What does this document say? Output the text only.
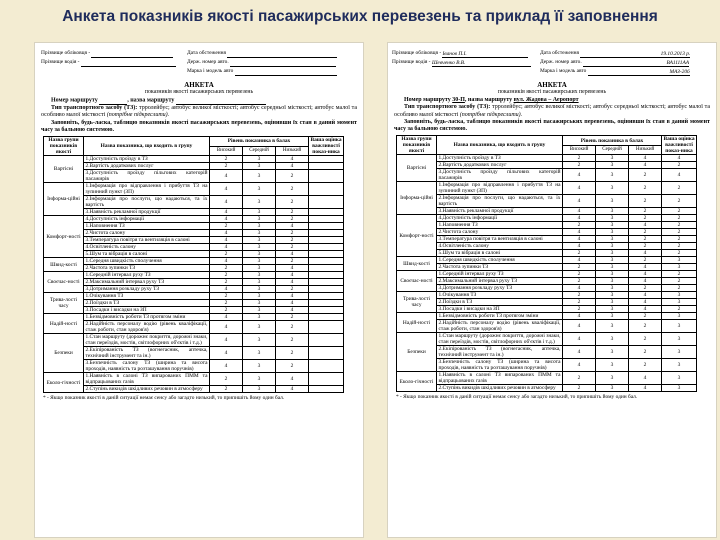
Анкета показників якості пасажирських перевезень та приклад її заповнення
Прізвище обліковця -
Прізвище водія -
Дата обстеження
Держ. номер авто.
Марка і модель авто
АНКЕТА
показників якості пасажирських перевезень

Номер маршруту	, назва маршруту

Тип транспортного засобу (ТЗ): трролейбус; автобус великої місткості; автобус середньої місткості; автобус малої та особливо малої місткості (потрібне підкреслити).

Заповніть, будь-ласка, таблицю показників якості пасажирських перевезень, оцінивши їх стан в даний момент часу за бальною системою.

Назва групи показників якості	Назва показника, що входить в групу	Рівень показника в балах			Ваша оцінка важливості показ-ника
		Високий	Середній	Низький	
Вартісні	1.Доступність проїзду в ТЗ	2	3	4	
	2.Вартість додаткових послуг	2	3	4	
	3.Доступність проїзду пільгових категорій пасажирів	4	3	2	
Інформа-ційні	1.Інформація про відправлення і прибуття ТЗ на зупинний пункт (ЗП)	4	3	2	
	2.Інформація про послуги, що надаються, та їх вартість	4	3	2	
	3.Наявність рекламної продукції	4	3	2	
Комфорт-ності	4.Доступність інформації	4	3	2	
	1.Наповнення ТЗ	2	3	4	
	2.Чистота салону	4	3	2	
	3.Температура повітря та вентиляція в салоні	4	3	2	
	4.Освітленість салону	4	3	2	
	5.Шум та вібрація в салоні	2	3	4	
Швид-кості	1.Середня швидкість сполучення	4	3	2	
	2.Частота зупинки ТЗ	2	3	4	
Своєчас-ності	1.Середній інтервал руху ТЗ	2	3	4	
	2.Максимальний інтервал руху ТЗ	2	3	4	
	3.Дотримання розкладу руху ТЗ	4	3	2	
Трива-лості часу	1.Очікування ТЗ	2	3	4	
	2.Поїздки в ТЗ	2	3	4	
	3.Посадки і висадки на ЗП	2	3	4	
Надій-ності	1.Безвідмовність роботи ТЗ протягом зміни	4	3	2	
	2.Надійність персоналу водію (рівень кваліфікації, стаж роботи, стан здоров'я)	4	3	2	
Безпеки	1.Стан маршруту (дорожнє покриття, дорожні знаки, стан переїздів, мостів, світлофорних об'єктів і т.д.)	4	3	2	
	2.Екіпірованість ТЗ (вогнегасник, аптечка, технічний інструмент та ін.)	4	3	2	
	3.Безпечність салону ТЗ (ширина та висота проходів, наявність та розташування поручнів)	4	3	2	
Еколо-гічності	1.Наявність в салоні ТЗ випарованих ПММ та відпрацьованих газів	2	3	4	
	2.Ступінь викидів шкідливих речовин в атмосферу	2	3	4	
* - Якщо показник якості в даній ситуації немає сенсу або загадто низький, то припишіть йому один бал.
Прізвище обліковця - Іванов П.І.
Прізвище водія - Шевченко В.В.
Дата обстеження	19.10.2013 р.
Держ. номер авто.	ВА1111АА
Марка і модель авто	МАЗ-206
АНКЕТА
показників якості пасажирських перевезень

Номер маршруту 30-П, назва маршруту вул. Жадова – Аеропорт

Тип транспортного засобу (ТЗ): трролейбус; автобус великої місткості; автобус середньої місткості; автобус малої та особливо малої місткості (потрібне підкреслити).

Заповніть, будь-ласка, таблицю показників якості пасажирських перевезень, оцінивши їх стан в даний момент часу за бальною системою.

Назва групи показників якості	Назва показника, що входить в групу	Рівень показника в балах			Ваша оцінка важливості показ-ника
		Високий	Середній	Низький	
Вартісні	1.Доступність проїзду в ТЗ	2	3	4	4
	2.Вартість додаткових послуг	2	3	4	2
	3.Доступність проїзду пільгових категорій пасажирів	4	3	2	4
Інформа-ційні	1.Інформація про відправлення і прибуття ТЗ на зупинний пункт (ЗП)	4	3	2	2
	2.Інформація про послуги, що надаються, та їх вартість	4	3	2	2
	3.Наявність рекламної продукції	4	3	2	2
Комфорт-ності	4.Доступність інформації	4	3	2	2
	1.Наповнення ТЗ	2	3	4	2
	2.Чистота салону	4	3	2	2
	3.Температура повітря та вентиляція в салоні	4	3	2	2
	4.Освітленість салону	4	3	2	2
	5.Шум та вібрація в салоні	2	3	4	2
Швид-кості	1.Середня швидкість сполучення	4	3	2	3
	2.Частота зупинки ТЗ	2	3	4	3
Своєчас-ності	1.Середній інтервал руху ТЗ	2	3	4	2
	2.Максимальний інтервал руху ТЗ	2	3	4	2
	3.Дотримання розкладу руху ТЗ	4	3	2	2
Трива-лості часу	1.Очікування ТЗ	2	3	4	3
	2.Поїздки в ТЗ	2	3	4	3
	3.Посадки і висадки на ЗП	2	3	4	2
Надій-ності	1.Безвідмовність роботи ТЗ протягом зміни	4	3	2	3
	2.Надійність персоналу водію (рівень кваліфікації, стаж роботи, стан здоров'я)	4	3	2	3
Безпеки	1.Стан маршруту (дорожнє покриття, дорожні знаки, стан переїздів, мостів, світлофорних об'єктів і т.д.)	4	3	2	3
	2.Екіпірованість ТЗ (вогнегасник, аптечка, технічний інструмент та ін.)	4	3	2	3
	3.Безпечність салону ТЗ (ширина та висота проходів, наявність та розташування поручнів)	4	3	2	3
Еколо-гічності	1.Наявність в салоні ТЗ випарованих ПММ та відпрацьованих газів	2	3	4	3
	2.Ступінь викидів шкідливих речовин в атмосферу	2	3	4	3
* - Якщо показник якості в даній ситуації немає сенсу або загадто низький, то припишіть йому один бал.
